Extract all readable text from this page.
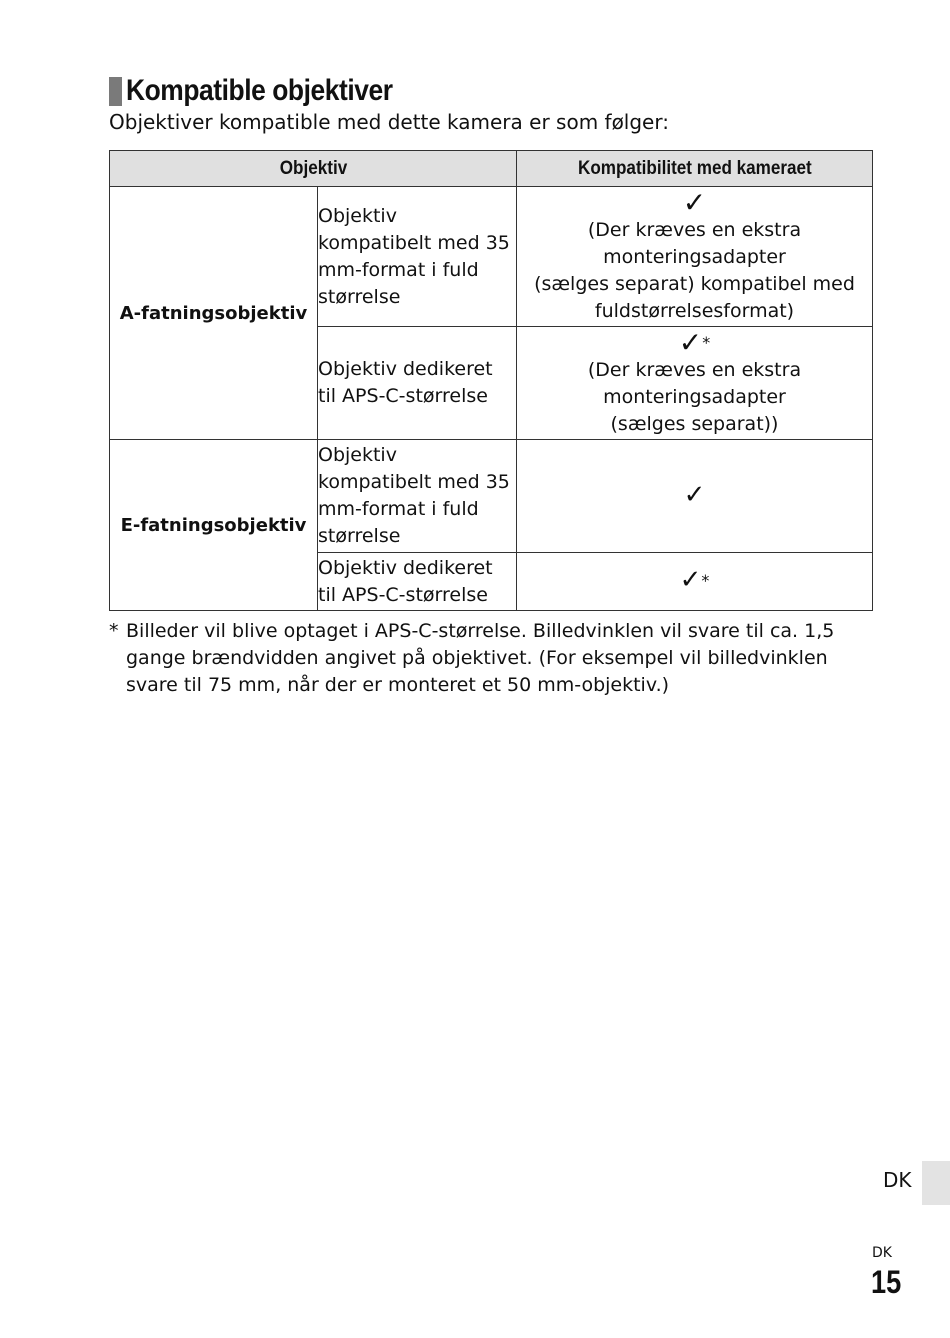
Kompatible objektiver
Objektiver kompatible med dette kamera er som følger:
Objektiv		Kompatibilitet med kameraet
A-fatningsobjektiv	Objektiv kompatibelt med 35 mm-format i fuld størrelse	✓
(Der kræves en ekstra
monteringsadapter
(sælges separat) kompatibel med
fuldstørrelsesformat)
	Objektiv dedikeret til APS-C-størrelse	✓*
(Der kræves en ekstra
monteringsadapter
(sælges separat))
E-fatningsobjektiv	Objektiv kompatibelt med 35 mm-format i fuld størrelse	✓
	Objektiv dedikeret til APS-C-størrelse	✓*
* Billeder vil blive optaget i APS-C-størrelse. Billedvinklen vil svare til ca. 1,5 gange brændvidden angivet på objektivet. (For eksempel vil billedvinklen svare til 75 mm, når der er monteret et 50 mm-objektiv.)
DK
DK
15
